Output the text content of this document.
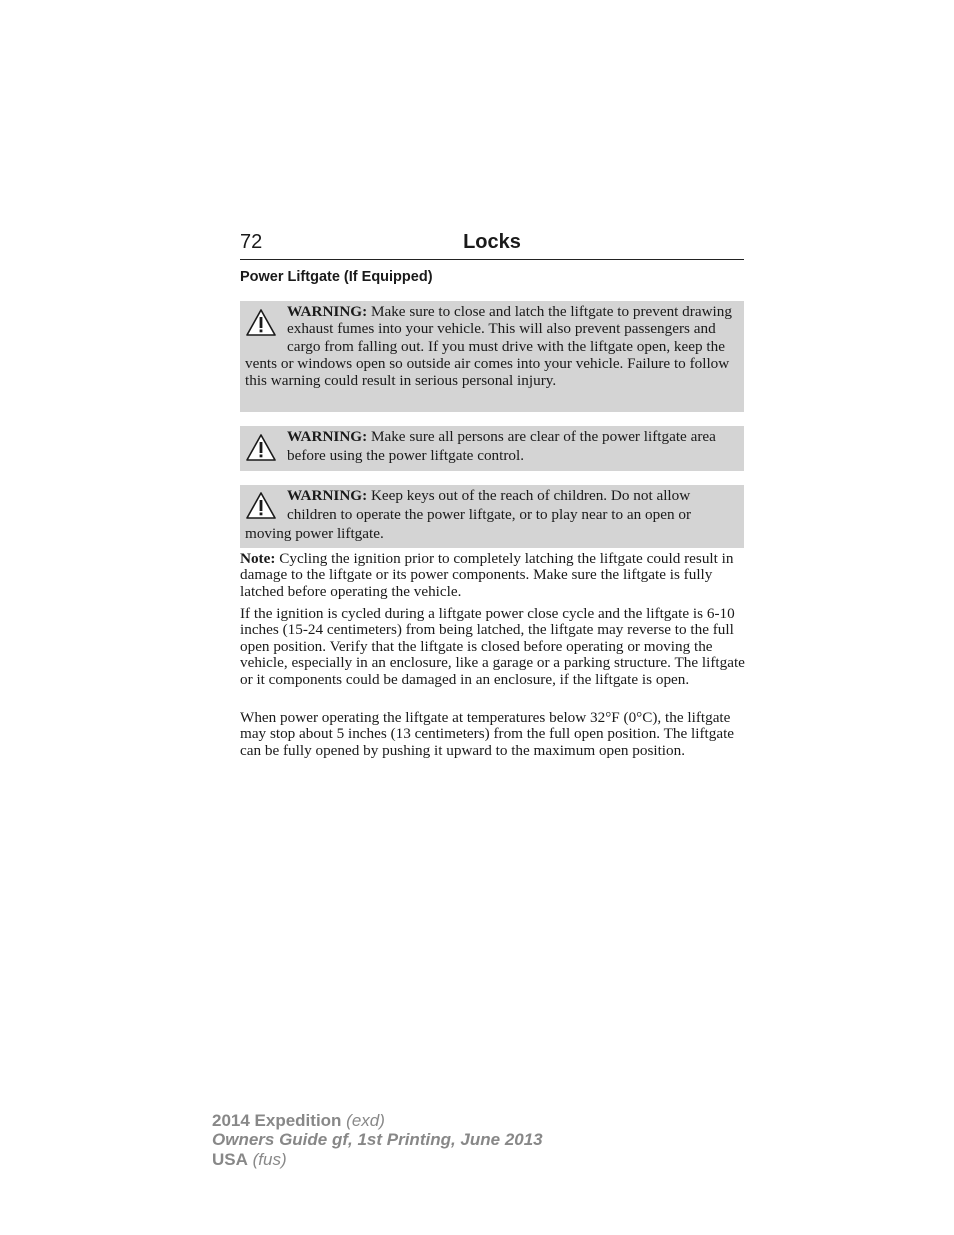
72	Locks
Power Liftgate (If Equipped)
WARNING: Make sure to close and latch the liftgate to prevent drawing exhaust fumes into your vehicle. This will also prevent passengers and cargo from falling out. If you must drive with the liftgate open, keep the vents or windows open so outside air comes into your vehicle. Failure to follow this warning could result in serious personal injury.
WARNING: Make sure all persons are clear of the power liftgate area before using the power liftgate control.
WARNING: Keep keys out of the reach of children. Do not allow children to operate the power liftgate, or to play near to an open or moving power liftgate.

Note: Cycling the ignition prior to completely latching the liftgate could result in damage to the liftgate or its power components. Make sure the liftgate is fully latched before operating the vehicle.

If the ignition is cycled during a liftgate power close cycle and the liftgate is 6-10 inches (15-24 centimeters) from being latched, the liftgate may reverse to the full open position. Verify that the liftgate is closed before operating or moving the vehicle, especially in an enclosure, like a garage or a parking structure. The liftgate or it components could be damaged in an enclosure, if the liftgate is open.

When power operating the liftgate at temperatures below 32°F (0°C), the liftgate may stop about 5 inches (13 centimeters) from the full open position. The liftgate can be fully opened by pushing it upward to the maximum open position.

2014 Expedition (exd)
Owners Guide gf, 1st Printing, June 2013
USA (fus)
